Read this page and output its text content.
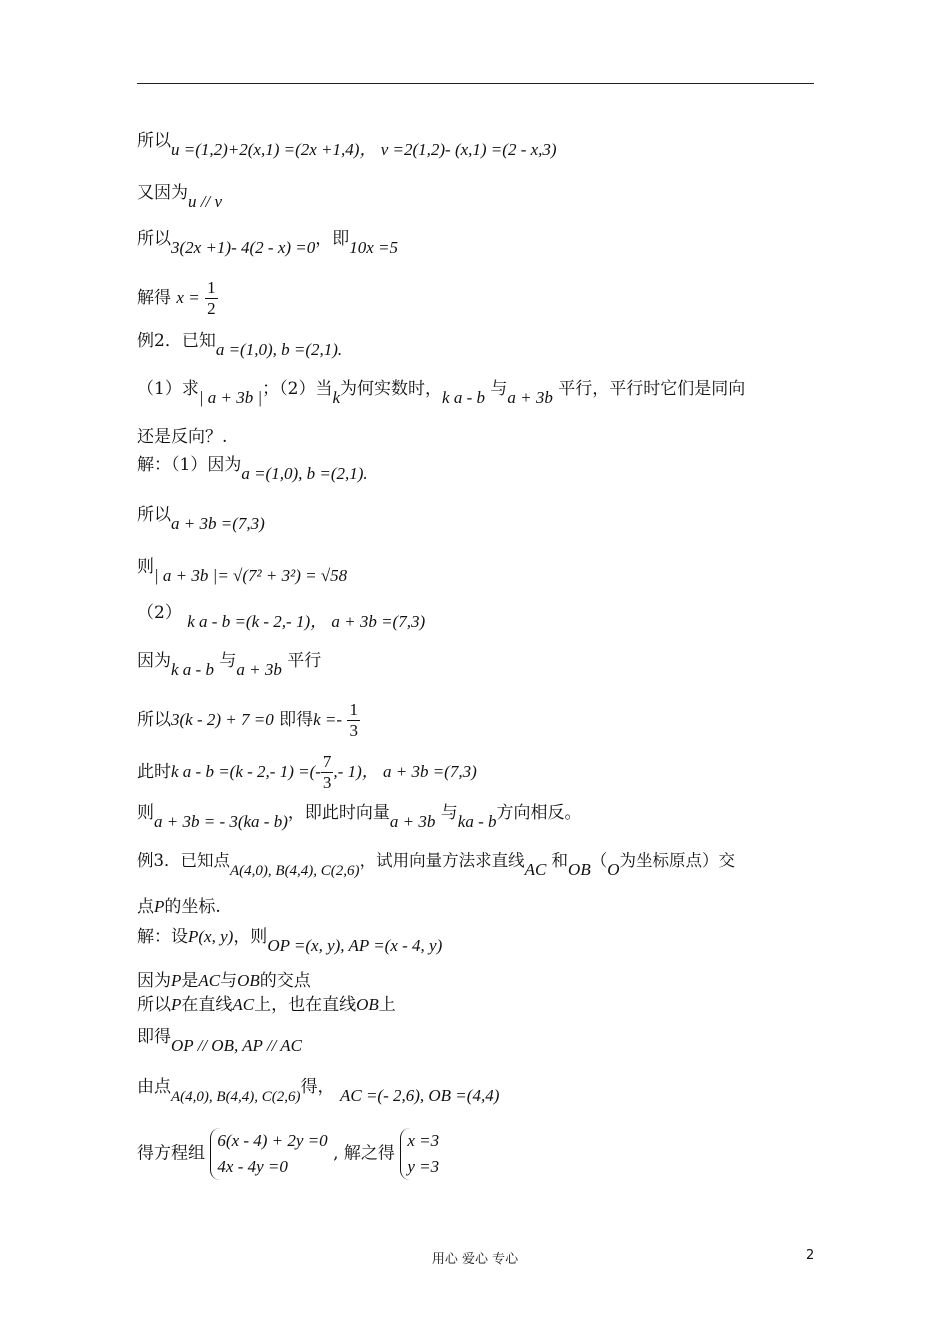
所以u =(1,2)+2(x,1) =(2x +1,4)， v =2(1,2)- (x,1) =(2 - x,3)
又因为u // v
所以3(2x +1)- 4(2 - x) =0，即10x =5
解得 $x = \frac{1}{2}$
例2．已知a =(1,0), b =(2,1).
（1）求| a + 3b |；（2）当k为何实数时，k a - b 与a + 3b 平行，平行时它们是同向
还是反向？.
解：（1）因为a =(1,0), b =(2,1).
所以a + 3b =(7,3)
则| a + 3b |= √(7² + 3²) = √58
（2） k a - b =(k - 2,- 1)， a + 3b =(7,3)
因为k a - b 与a + 3b 平行
所以3(k - 2) + 7 =0 即得$k =- \frac{1}{3}$
此时k a - b =(k - 2,- 1) =(- $\frac{7}{3}$ ,- 1)， a + 3b =(7,3)
则a + 3b = - 3(ka - b)，即此时向量a + 3b 与ka - b方向相反。
例3．已知点A(4,0), B(4,4), C(2,6)，试用向量方法求直线AC 和OB（O为坐标原点）交
点P的坐标.
解：设P(x, y)，则OP =(x, y), AP =(x - 4, y)
因为P是AC与OB的交点
所以P在直线AC上，也在直线OB上
即得OP // OB, AP // AC
由点A(4,0), B(4,4), C(2,6)得， AC =(- 2,6), OB =(4,4)
得方程组
6(x - 4) + 2y =0
4x - 4y =0
, 解之得
x =3
y =3
用心 爱心 专心	2
